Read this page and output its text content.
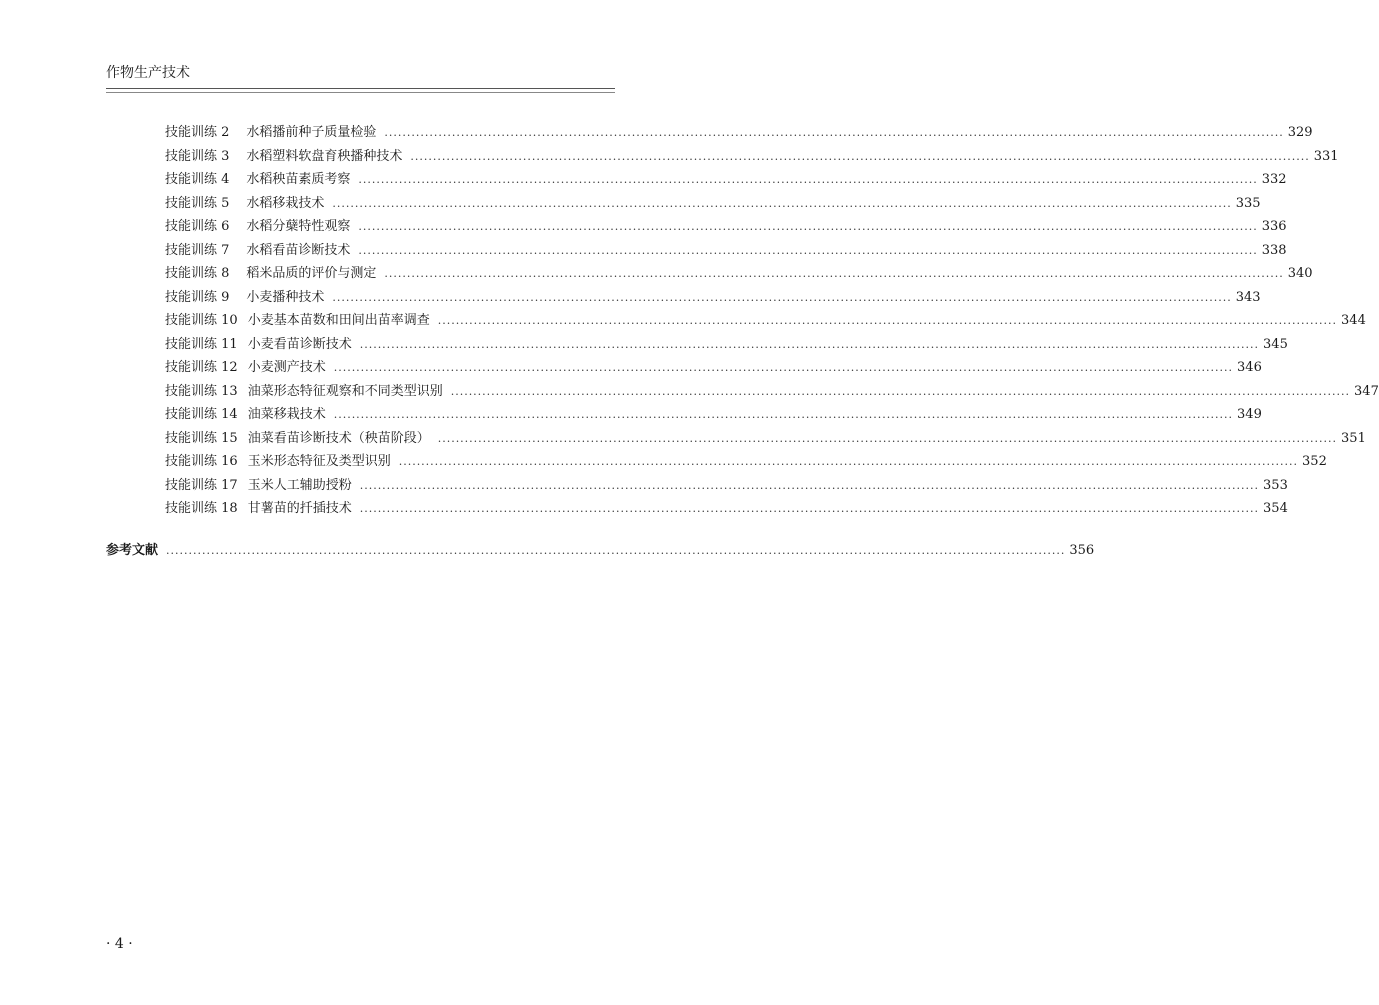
作物生产技术
技能训练 2 水稻播前种子质量检验 ........................................................................................................................................................................................................ 329
技能训练 3 水稻塑料软盘育秧播种技术 ........................................................................................................................................................................................................ 331
技能训练 4 水稻秧苗素质考察 ........................................................................................................................................................................................................ 332
技能训练 5 水稻移栽技术 ........................................................................................................................................................................................................ 335
技能训练 6 水稻分蘖特性观察 ........................................................................................................................................................................................................ 336
技能训练 7 水稻看苗诊断技术 ........................................................................................................................................................................................................ 338
技能训练 8 稻米品质的评价与测定 ........................................................................................................................................................................................................ 340
技能训练 9 小麦播种技术 ........................................................................................................................................................................................................ 343
技能训练 10 小麦基本苗数和田间出苗率调查 ........................................................................................................................................................................................................ 344
技能训练 11 小麦看苗诊断技术 ........................................................................................................................................................................................................ 345
技能训练 12 小麦测产技术 ........................................................................................................................................................................................................ 346
技能训练 13 油菜形态特征观察和不同类型识别 ........................................................................................................................................................................................................ 347
技能训练 14 油菜移栽技术 ........................................................................................................................................................................................................ 349
技能训练 15 油菜看苗诊断技术（秧苗阶段） ........................................................................................................................................................................................................ 351
技能训练 16 玉米形态特征及类型识别 ........................................................................................................................................................................................................ 352
技能训练 17 玉米人工辅助授粉 ........................................................................................................................................................................................................ 353
技能训练 18 甘薯苗的扦插技术 ........................................................................................................................................................................................................ 354
参考文献 ........................................................................................................................................................................................................ 356
· 4 ·
